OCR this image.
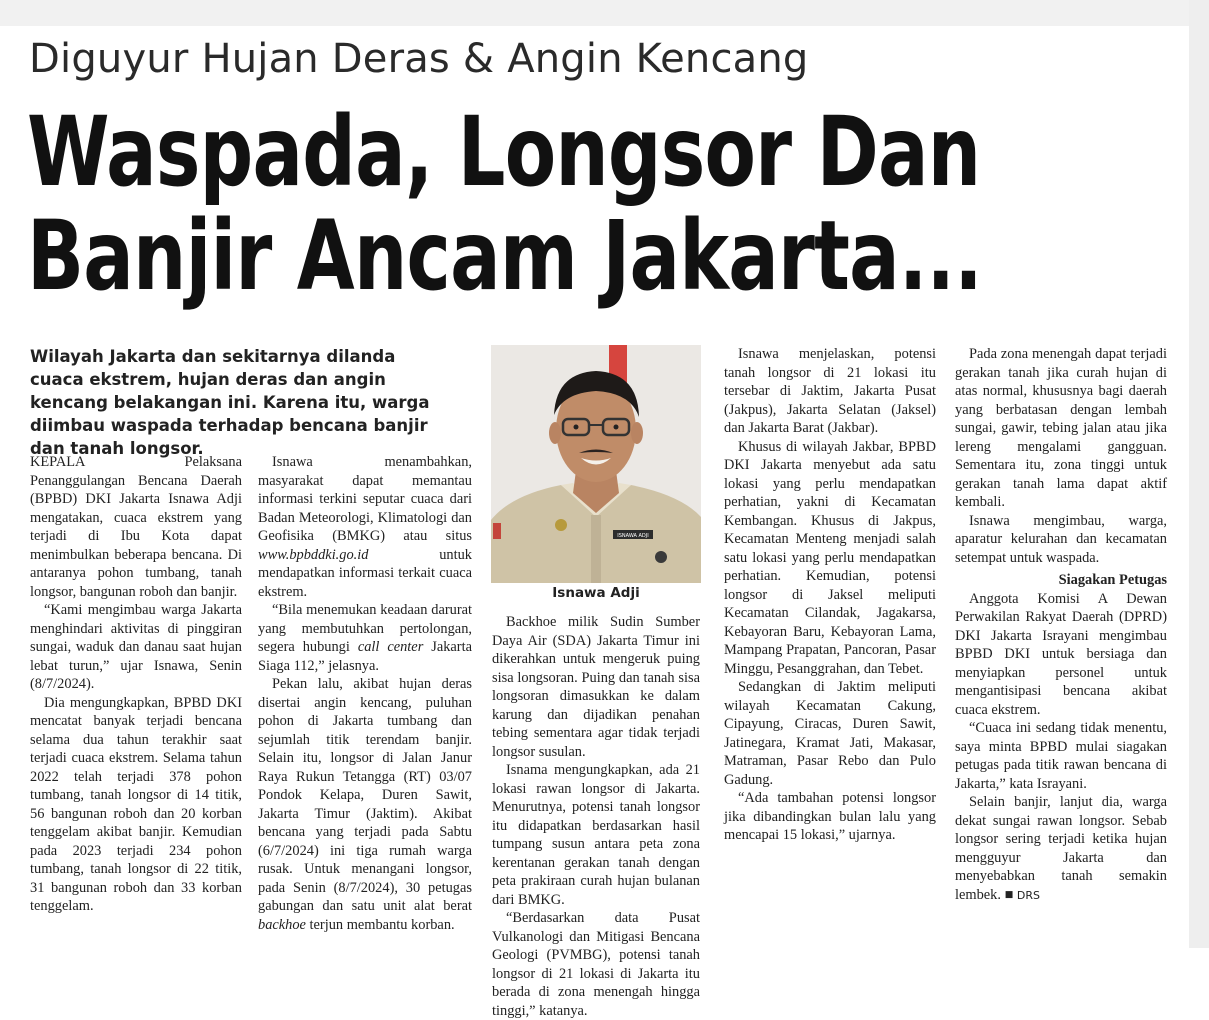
Diguyur Hujan Deras & Angin Kencang
Waspada, Longsor Dan
Banjir Ancam Jakarta...
Wilayah Jakarta dan sekitarnya dilanda cuaca ekstrem, hujan deras dan angin kencang belakangan ini. Karena itu, warga diimbau waspada terhadap bencana banjir dan tanah longsor.

KEPALA Pelaksana Penanggulangan Bencana Daerah (BPBD) DKI Jakarta Isnawa Adji mengatakan, cuaca ekstrem yang terjadi di Ibu Kota dapat menimbulkan beberapa bencana. Di antaranya pohon tumbang, tanah longsor, bangunan roboh dan banjir.

“Kami mengimbau warga Jakarta menghindari aktivitas di pinggiran sungai, waduk dan danau saat hujan lebat turun,” ujar Isnawa, Senin (8/7/2024).

Dia mengungkapkan, BPBD DKI mencatat banyak terjadi bencana selama dua tahun terakhir saat terjadi cuaca ekstrem. Selama tahun 2022 telah terjadi 378 pohon tumbang, tanah longsor di 14 titik, 56 bangunan roboh dan 20 korban tenggelam akibat banjir. Kemudian pada 2023 terjadi 234 pohon tumbang, tanah longsor di 22 titik, 31 bangunan roboh dan 33 korban tenggelam.

Isnawa menambahkan, masyarakat dapat memantau informasi terkini seputar cuaca dari Badan Meteorologi, Klimatologi dan Geofisika (BMKG) atau situs www.bpbddki.go.id untuk mendapatkan informasi terkait cuaca ekstrem.

“Bila menemukan keadaan darurat yang membutuhkan pertolongan, segera hubungi call center Jakarta Siaga 112,” jelasnya.

Pekan lalu, akibat hujan deras disertai angin kencang, puluhan pohon di Jakarta tumbang dan sejumlah titik terendam banjir. Selain itu, longsor di Jalan Janur Raya Rukun Tetangga (RT) 03/07 Pondok Kelapa, Duren Sawit, Jakarta Timur (Jaktim). Akibat bencana yang terjadi pada Sabtu (6/7/2024) ini tiga rumah warga rusak. Untuk menangani longsor, pada Senin (8/7/2024), 30 petugas gabungan dan satu unit alat berat backhoe terjun membantu korban.

ISNAWA ADJI
Isnawa Adji

Backhoe milik Sudin Sumber Daya Air (SDA) Jakarta Timur ini dikerahkan untuk mengeruk puing sisa longsoran. Puing dan tanah sisa longsoran dimasukkan ke dalam karung dan dijadikan penahan tebing sementara agar tidak terjadi longsor susulan.

Isnama mengungkapkan, ada 21 lokasi rawan longsor di Jakarta. Menurutnya, potensi tanah longsor itu didapatkan berdasarkan hasil tumpang susun antara peta zona kerentanan gerakan tanah dengan peta prakiraan curah hujan bulanan dari BMKG.

“Berdasarkan data Pusat Vulkanologi dan Mitigasi Bencana Geologi (PVMBG), potensi tanah longsor di 21 lokasi di Jakarta itu berada di zona menengah hingga tinggi,” katanya.

Isnawa menjelaskan, potensi tanah longsor di 21 lokasi itu tersebar di Jaktim, Jakarta Pusat (Jakpus), Jakarta Selatan (Jaksel) dan Jakarta Barat (Jakbar).

Khusus di wilayah Jakbar, BPBD DKI Jakarta menyebut ada satu lokasi yang perlu mendapatkan perhatian, yakni di Kecamatan Kembangan. Khusus di Jakpus, Kecamatan Menteng menjadi salah satu lokasi yang perlu mendapatkan perhatian. Kemudian, potensi longsor di Jaksel meliputi Kecamatan Cilandak, Jagakarsa, Kebayoran Baru, Kebayoran Lama, Mampang Prapatan, Pancoran, Pasar Minggu, Pesanggrahan, dan Tebet.

Sedangkan di Jaktim meliputi wilayah Kecamatan Cakung, Cipayung, Ciracas, Duren Sawit, Jatinegara, Kramat Jati, Makasar, Matraman, Pasar Rebo dan Pulo Gadung.

“Ada tambahan potensi longsor jika dibandingkan bulan lalu yang mencapai 15 lokasi,” ujarnya.

Pada zona menengah dapat terjadi gerakan tanah jika curah hujan di atas normal, khususnya bagi daerah yang berbatasan dengan lembah sungai, gawir, tebing jalan atau jika lereng mengalami gangguan. Sementara itu, zona tinggi untuk gerakan tanah lama dapat aktif kembali.

Isnawa mengimbau, warga, aparatur kelurahan dan kecamatan setempat untuk waspada.

Siagakan Petugas

Anggota Komisi A Dewan Perwakilan Rakyat Daerah (DPRD) DKI Jakarta Israyani mengimbau BPBD DKI untuk bersiaga dan menyiapkan personel untuk mengantisipasi bencana akibat cuaca ekstrem.

“Cuaca ini sedang tidak menentu, saya minta BPBD mulai siagakan petugas pada titik rawan bencana di Jakarta,” kata Israyani.

Selain banjir, lanjut dia, warga dekat sungai rawan longsor. Sebab longsor sering terjadi ketika hujan mengguyur Jakarta dan menyebabkan tanah semakin lembek. ■ DRS
